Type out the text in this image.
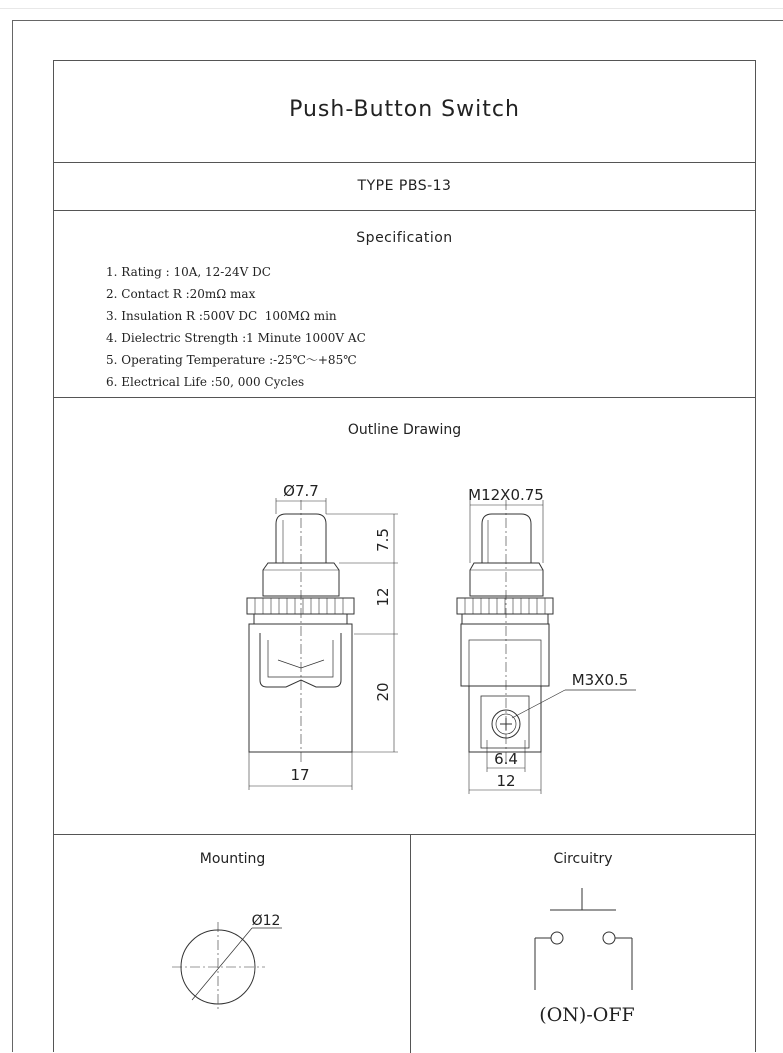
Push-Button Switch
TYPE PBS-13
Specification
1. Rating : 10A, 12-24V DC
2. Contact R :20mΩ max
3. Insulation R :500V DC  100MΩ min
4. Dielectric Strength :1 Minute 1000V AC
5. Operating Temperature :-25℃～+85℃
6. Electrical Life :50, 000 Cycles
Outline Drawing
Mounting	Circuitry
Ø7.7
7.5
12
20
17
M12X0.75
M3X0.5
6.4
12
Ø12
(ON)-OFF
